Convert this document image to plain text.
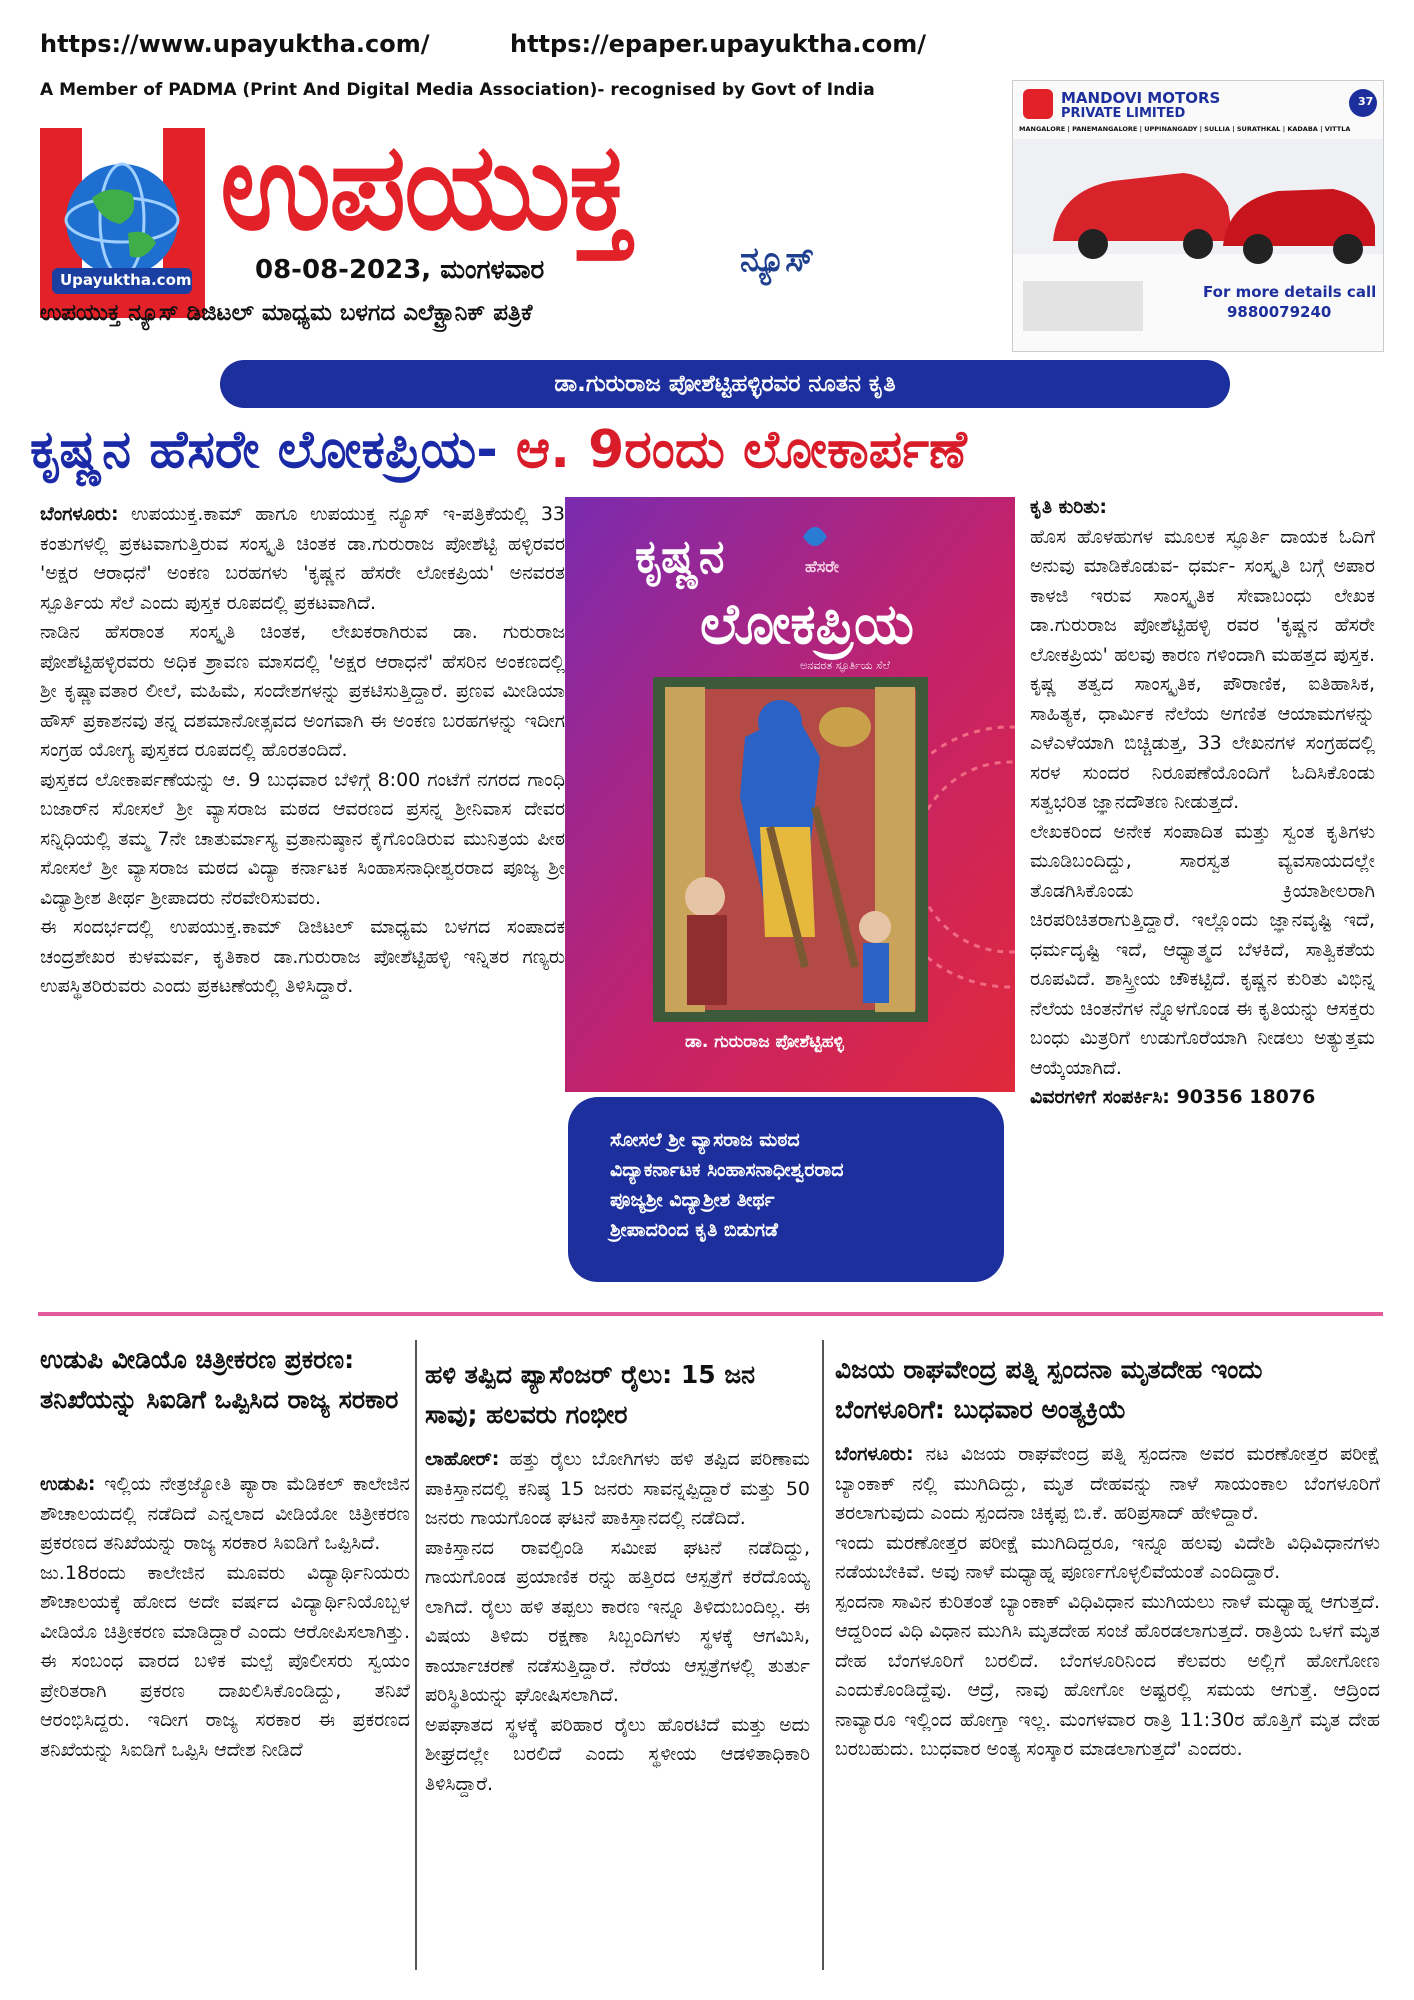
https://www.upayuktha.com/	https://epaper.upayuktha.com/
A Member of PADMA (Print And Digital Media Association)- recognised by Govt of India
Upayuktha.com
ಉಪಯುಕ್ತ
ನ್ಯೂಸ್
08-08-2023, ಮಂಗಳವಾರ
ಉಪಯುಕ್ತ ನ್ಯೂಸ್ ಡಿಜಿಟಲ್ ಮಾಧ್ಯಮ ಬಳಗದ ಎಲೆಕ್ಟ್ರಾನಿಕ್ ಪತ್ರಿಕೆ
MANDOVI MOTORS
PRIVATE LIMITED
MANGALORE | PANEMANGALORE | UPPINANGADY | SULLIA | SURATHKAL | KADABA | VITTLA
37
For more details call
9880079240
ಡಾ.ಗುರುರಾಜ ಪೋಶೆಟ್ಟಿಹಳ್ಳಿರವರ ನೂತನ ಕೃತಿ
ಕೃಷ್ಣನ ಹೆಸರೇ ಲೋಕಪ್ರಿಯ- ಆ. 9ರಂದು ಲೋಕಾರ್ಪಣೆ

ಬೆಂಗಳೂರು: ಉಪಯುಕ್ತ.ಕಾಮ್ ಹಾಗೂ ಉಪಯುಕ್ತ ನ್ಯೂಸ್ ಇ-ಪತ್ರಿಕೆಯಲ್ಲಿ 33 ಕಂತುಗಳಲ್ಲಿ ಪ್ರಕಟವಾಗುತ್ತಿರುವ ಸಂಸ್ಕೃತಿ ಚಿಂತಕ ಡಾ.ಗುರುರಾಜ ಪೋಶೆಟ್ಟಿ ಹಳ್ಳಿರವರ 'ಅಕ್ಷರ ಆರಾಧನೆ' ಅಂಕಣ ಬರಹಗಳು 'ಕೃಷ್ಣನ ಹೆಸರೇ ಲೋಕಪ್ರಿಯ' ಅನವರತ ಸ್ಪೂರ್ತಿಯ ಸೆಲೆ ಎಂದು ಪುಸ್ತಕ ರೂಪದಲ್ಲಿ ಪ್ರಕಟವಾಗಿದೆ.

ನಾಡಿನ ಹೆಸರಾಂತ ಸಂಸ್ಕೃತಿ ಚಿಂತಕ, ಲೇಖಕರಾಗಿರುವ ಡಾ. ಗುರುರಾಜ ಪೋಶೆಟ್ಟಿಹಳ್ಳಿರವರು ಅಧಿಕ ಶ್ರಾವಣ ಮಾಸದಲ್ಲಿ 'ಅಕ್ಷರ ಆರಾಧನೆ' ಹೆಸರಿನ ಅಂಕಣದಲ್ಲಿ ಶ್ರೀ ಕೃಷ್ಣಾವತಾರ ಲೀಲೆ, ಮಹಿಮೆ, ಸಂದೇಶಗಳನ್ನು ಪ್ರಕಟಿಸುತ್ತಿದ್ದಾರೆ. ಪ್ರಣವ ಮೀಡಿಯಾ ಹೌಸ್ ಪ್ರಕಾಶನವು ತನ್ನ ದಶಮಾನೋತ್ಸವದ ಅಂಗವಾಗಿ ಈ ಅಂಕಣ ಬರಹಗಳನ್ನು ಇದೀಗ ಸಂಗ್ರಹ ಯೋಗ್ಯ ಪುಸ್ತಕದ ರೂಪದಲ್ಲಿ ಹೊರತಂದಿದೆ.

ಪುಸ್ತಕದ ಲೋಕಾರ್ಪಣೆಯನ್ನು ಆ. 9 ಬುಧವಾರ ಬೆಳಿಗ್ಗೆ 8:00 ಗಂಟೆಗೆ ನಗರದ ಗಾಂಧಿ ಬಜಾರ್‌ನ ಸೋಸಲೆ ಶ್ರೀ ವ್ಯಾಸರಾಜ ಮಠದ ಆವರಣದ ಪ್ರಸನ್ನ ಶ್ರೀನಿವಾಸ ದೇವರ ಸನ್ನಿಧಿಯಲ್ಲಿ ತಮ್ಮ 7ನೇ ಚಾತುರ್ಮಾಸ್ಯ ವ್ರತಾನುಷ್ಠಾನ ಕೈಗೊಂಡಿರುವ ಮುನಿತ್ರಯ ಪೀಠ ಸೋಸಲೆ ಶ್ರೀ ವ್ಯಾಸರಾಜ ಮಠದ ವಿದ್ಯಾ ಕರ್ನಾಟಕ ಸಿಂಹಾಸನಾಧೀಶ್ವರರಾದ ಪೂಜ್ಯ ಶ್ರೀ ವಿದ್ಯಾಶ್ರೀಶ ತೀರ್ಥ ಶ್ರೀಪಾದರು ನೆರವೇರಿಸುವರು.

ಈ ಸಂದರ್ಭದಲ್ಲಿ ಉಪಯುಕ್ತ.ಕಾಮ್ ಡಿಜಿಟಲ್ ಮಾಧ್ಯಮ ಬಳಗದ ಸಂಪಾದಕ ಚಂದ್ರಶೇಖರ ಕುಳಮರ್ವ, ಕೃತಿಕಾರ ಡಾ.ಗುರುರಾಜ ಪೋಶೆಟ್ಟಿಹಳ್ಳಿ ಇನ್ನಿತರ ಗಣ್ಯರು ಉಪಸ್ಥಿತರಿರುವರು ಎಂದು ಪ್ರಕಟಣೆಯಲ್ಲಿ ತಿಳಿಸಿದ್ದಾರೆ.

ಕೃಷ್ಣನ	ಹೆಸರೇ
ಲೋಕಪ್ರಿಯ
ಅನವರತ ಸ್ಫೂರ್ತಿಯ ಸೆಲೆ
ಡಾ. ಗುರುರಾಜ ಪೋಶೆಟ್ಟಿಹಳ್ಳಿ
ಸೋಸಲೆ ಶ್ರೀ ವ್ಯಾಸರಾಜ ಮಠದ
ವಿದ್ಯಾಕರ್ನಾಟಕ ಸಿಂಹಾಸನಾಧೀಶ್ವರರಾದ
ಪೂಜ್ಯಶ್ರೀ ವಿದ್ಯಾಶ್ರೀಶ ತೀರ್ಥ
ಶ್ರೀಪಾದರಿಂದ ಕೃತಿ ಬಿಡುಗಡೆ

ಕೃತಿ ಕುರಿತು:

ಹೊಸ ಹೊಳಹುಗಳ ಮೂಲಕ ಸ್ಫೂರ್ತಿ ದಾಯಕ ಓದಿಗೆ ಅನುವು ಮಾಡಿಕೊಡುವ- ಧರ್ಮ- ಸಂಸ್ಕೃತಿ ಬಗ್ಗೆ ಅಪಾರ ಕಾಳಜಿ ಇರುವ ಸಾಂಸ್ಕೃತಿಕ ಸೇವಾಬಂಧು ಲೇಖಕ ಡಾ.ಗುರುರಾಜ ಪೋಶೆಟ್ಟಿಹಳ್ಳಿ ರವರ 'ಕೃಷ್ಣನ ಹೆಸರೇ ಲೋಕಪ್ರಿಯ' ಹಲವು ಕಾರಣ ಗಳಿಂದಾಗಿ ಮಹತ್ತದ ಪುಸ್ತಕ. ಕೃಷ್ಣ ತತ್ವದ ಸಾಂಸ್ಕೃತಿಕ, ಪೌರಾಣಿಕ, ಐತಿಹಾಸಿಕ, ಸಾಹಿತ್ಯಕ, ಧಾರ್ಮಿಕ ನೆಲೆಯ ಅಗಣಿತ ಆಯಾಮಗಳನ್ನು ಎಳೆಎಳೆಯಾಗಿ ಬಿಚ್ಚಿಡುತ್ತ, 33 ಲೇಖನಗಳ ಸಂಗ್ರಹದಲ್ಲಿ ಸರಳ ಸುಂದರ ನಿರೂಪಣೆಯೊಂದಿಗೆ ಓದಿಸಿಕೊಂಡು ಸತ್ವಭರಿತ ಜ್ಞಾನದೌತಣ ನೀಡುತ್ತದೆ.

ಲೇಖಕರಿಂದ ಅನೇಕ ಸಂಪಾದಿತ ಮತ್ತು ಸ್ವಂತ ಕೃತಿಗಳು ಮೂಡಿಬಂದಿದ್ದು, ಸಾರಸ್ವತ ವ್ಯವಸಾಯದಲ್ಲೇ ತೊಡಗಿಸಿಕೊಂಡು ಕ್ರಿಯಾಶೀಲರಾಗಿ ಚಿರಪರಿಚಿತರಾಗುತ್ತಿದ್ದಾರೆ. ಇಲ್ಲೊಂದು ಜ್ಞಾನವೃಷ್ಟಿ ಇದೆ, ಧರ್ಮದೃಷ್ಟಿ ಇದೆ, ಆಧ್ಯಾತ್ಮದ ಬೆಳಕಿದೆ, ಸಾತ್ವಿಕತೆಯ ರೂಪವಿದೆ. ಶಾಸ್ತ್ರೀಯ ಚೌಕಟ್ಟಿದೆ. ಕೃಷ್ಣನ ಕುರಿತು ವಿಭಿನ್ನ ನೆಲೆಯ ಚಿಂತನೆಗಳ ನ್ನೊಳಗೊಂಡ ಈ ಕೃತಿಯನ್ನು ಆಸಕ್ತರು ಬಂಧು ಮಿತ್ರರಿಗೆ ಉಡುಗೊರೆಯಾಗಿ ನೀಡಲು ಅತ್ಯುತ್ತಮ ಆಯ್ಕೆಯಾಗಿದೆ.

ವಿವರಗಳಿಗೆ ಸಂಪರ್ಕಿಸಿ: 90356 18076

ಉಡುಪಿ ವೀಡಿಯೊ ಚಿತ್ರೀಕರಣ ಪ್ರಕರಣ: ತನಿಖೆಯನ್ನು ಸಿಐಡಿಗೆ ಒಪ್ಪಿಸಿದ ರಾಜ್ಯ ಸರಕಾರ

ಉಡುಪಿ: ಇಲ್ಲಿಯ ನೇತ್ರಜ್ಯೋತಿ ಪ್ಯಾರಾ ಮೆಡಿಕಲ್ ಕಾಲೇಜಿನ ಶೌಚಾಲಯದಲ್ಲಿ ನಡೆದಿದೆ ಎನ್ನಲಾದ ವೀಡಿಯೋ ಚಿತ್ರೀಕರಣ ಪ್ರಕರಣದ ತನಿಖೆಯನ್ನು ರಾಜ್ಯ ಸರಕಾರ ಸಿಐಡಿಗೆ ಒಪ್ಪಿಸಿದೆ.

ಜು.18ರಂದು ಕಾಲೇಜಿನ ಮೂವರು ವಿದ್ಯಾರ್ಥಿನಿಯರು ಶೌಚಾಲಯಕ್ಕೆ ಹೋದ ಅದೇ ವರ್ಷದ ವಿದ್ಯಾರ್ಥಿನಿಯೊಬ್ಬಳ ವೀಡಿಯೊ ಚಿತ್ರೀಕರಣ ಮಾಡಿದ್ದಾರೆ ಎಂದು ಆರೋಪಿಸಲಾಗಿತ್ತು. ಈ ಸಂಬಂಧ ವಾರದ ಬಳಿಕ ಮಲ್ಪೆ ಪೊಲೀಸರು ಸ್ವಯಂ ಪ್ರೇರಿತರಾಗಿ ಪ್ರಕರಣ ದಾಖಲಿಸಿಕೊಂಡಿದ್ದು, ತನಿಖೆ ಆರಂಭಿಸಿದ್ದರು. ಇದೀಗ ರಾಜ್ಯ ಸರಕಾರ ಈ ಪ್ರಕರಣದ ತನಿಖೆಯನ್ನು ಸಿಐಡಿಗೆ ಒಪ್ಪಿಸಿ ಆದೇಶ ನೀಡಿದೆ

ಹಳಿ ತಪ್ಪಿದ ಪ್ಯಾಸೆಂಜರ್ ರೈಲು: 15 ಜನ ಸಾವು; ಹಲವರು ಗಂಭೀರ

ಲಾಹೋರ್: ಹತ್ತು ರೈಲು ಬೋಗಿಗಳು ಹಳಿ ತಪ್ಪಿದ ಪರಿಣಾಮ ಪಾಕಿಸ್ತಾನದಲ್ಲಿ ಕನಿಷ್ಠ 15 ಜನರು ಸಾವನ್ನಪ್ಪಿದ್ದಾರೆ ಮತ್ತು 50 ಜನರು ಗಾಯಗೊಂಡ ಘಟನೆ ಪಾಕಿಸ್ತಾನದಲ್ಲಿ ನಡೆದಿದೆ.

ಪಾಕಿಸ್ತಾನದ ರಾವಲ್ಪಿಂಡಿ ಸಮೀಪ ಘಟನೆ ನಡೆದಿದ್ದು, ಗಾಯಗೊಂಡ ಪ್ರಯಾಣಿಕ ರನ್ನು ಹತ್ತಿರದ ಆಸ್ಪತ್ರೆಗೆ ಕರೆದೊಯ್ಯ ಲಾಗಿದೆ. ರೈಲು ಹಳಿ ತಪ್ಪಲು ಕಾರಣ ಇನ್ನೂ ತಿಳಿದುಬಂದಿಲ್ಲ. ಈ ವಿಷಯ ತಿಳಿದು ರಕ್ಷಣಾ ಸಿಬ್ಬಂದಿಗಳು ಸ್ಥಳಕ್ಕೆ ಆಗಮಿಸಿ, ಕಾರ್ಯಾಚರಣೆ ನಡೆಸುತ್ತಿದ್ದಾರೆ. ನೆರೆಯ ಆಸ್ಪತ್ರೆಗಳಲ್ಲಿ ತುರ್ತು ಪರಿಸ್ಥಿತಿಯನ್ನು ಘೋಷಿಸಲಾಗಿದೆ.

ಅಪಘಾತದ ಸ್ಥಳಕ್ಕೆ ಪರಿಹಾರ ರೈಲು ಹೊರಟಿದೆ ಮತ್ತು ಅದು ಶೀಘ್ರದಲ್ಲೇ ಬರಲಿದೆ ಎಂದು ಸ್ಥಳೀಯ ಆಡಳಿತಾಧಿಕಾರಿ ತಿಳಿಸಿದ್ದಾರೆ.

ವಿಜಯ ರಾಘವೇಂದ್ರ ಪತ್ನಿ ಸ್ಪಂದನಾ ಮೃತದೇಹ ಇಂದು ಬೆಂಗಳೂರಿಗೆ: ಬುಧವಾರ ಅಂತ್ಯಕ್ರಿಯೆ

ಬೆಂಗಳೂರು: ನಟ ವಿಜಯ ರಾಘವೇಂದ್ರ ಪತ್ನಿ ಸ್ಪಂದನಾ ಅವರ ಮರಣೋತ್ತರ ಪರೀಕ್ಷೆ ಬ್ಯಾಂಕಾಕ್ ನಲ್ಲಿ ಮುಗಿದಿದ್ದು, ಮೃತ ದೇಹವನ್ನು ನಾಳೆ ಸಾಯಂಕಾಲ ಬೆಂಗಳೂರಿಗೆ ತರಲಾಗುವುದು ಎಂದು ಸ್ಪಂದನಾ ಚಿಕ್ಕಪ್ಪ ಬಿ.ಕೆ. ಹರಿಪ್ರಸಾದ್ ಹೇಳಿದ್ದಾರೆ.

ಇಂದು ಮರಣೋತ್ತರ ಪರೀಕ್ಷೆ ಮುಗಿದಿದ್ದರೂ, ಇನ್ನೂ ಹಲವು ವಿದೇಶಿ ವಿಧಿವಿಧಾನಗಳು ನಡೆಯಬೇಕಿವೆ. ಅವು ನಾಳೆ ಮಧ್ಯಾಹ್ನ ಪೂರ್ಣಗೊಳ್ಳಲಿವೆಯಂತೆ ಎಂದಿದ್ದಾರೆ.

ಸ್ಪಂದನಾ ಸಾವಿನ ಕುರಿತಂತೆ ಬ್ಯಾಂಕಾಕ್ ವಿಧಿವಿಧಾನ ಮುಗಿಯಲು ನಾಳೆ ಮಧ್ಯಾಹ್ನ ಆಗುತ್ತದೆ. ಆದ್ದರಿಂದ ವಿಧಿ ವಿಧಾನ ಮುಗಿಸಿ ಮೃತದೇಹ ಸಂಜೆ ಹೊರಡಲಾಗುತ್ತದೆ. ರಾತ್ರಿಯ ಒಳಗೆ ಮೃತ ದೇಹ ಬೆಂಗಳೂರಿಗೆ ಬರಲಿದೆ. ಬೆಂಗಳೂರಿನಿಂದ ಕೆಲವರು ಅಲ್ಲಿಗೆ ಹೋಗೋಣ ಎಂದುಕೊಂಡಿದ್ದೆವು. ಆದ್ರೆ, ನಾವು ಹೋಗೋ ಅಷ್ಟರಲ್ಲಿ ಸಮಯ ಆಗುತ್ತೆ. ಆದ್ರಿಂದ ನಾವ್ಯಾರೂ ಇಲ್ಲಿಂದ ಹೋಗ್ತಾ ಇಲ್ಲ. ಮಂಗಳವಾರ ರಾತ್ರಿ 11:30ರ ಹೊತ್ತಿಗೆ ಮೃತ ದೇಹ ಬರಬಹುದು. ಬುಧವಾರ ಅಂತ್ಯ ಸಂಸ್ಕಾರ ಮಾಡಲಾಗುತ್ತದೆ' ಎಂದರು.
